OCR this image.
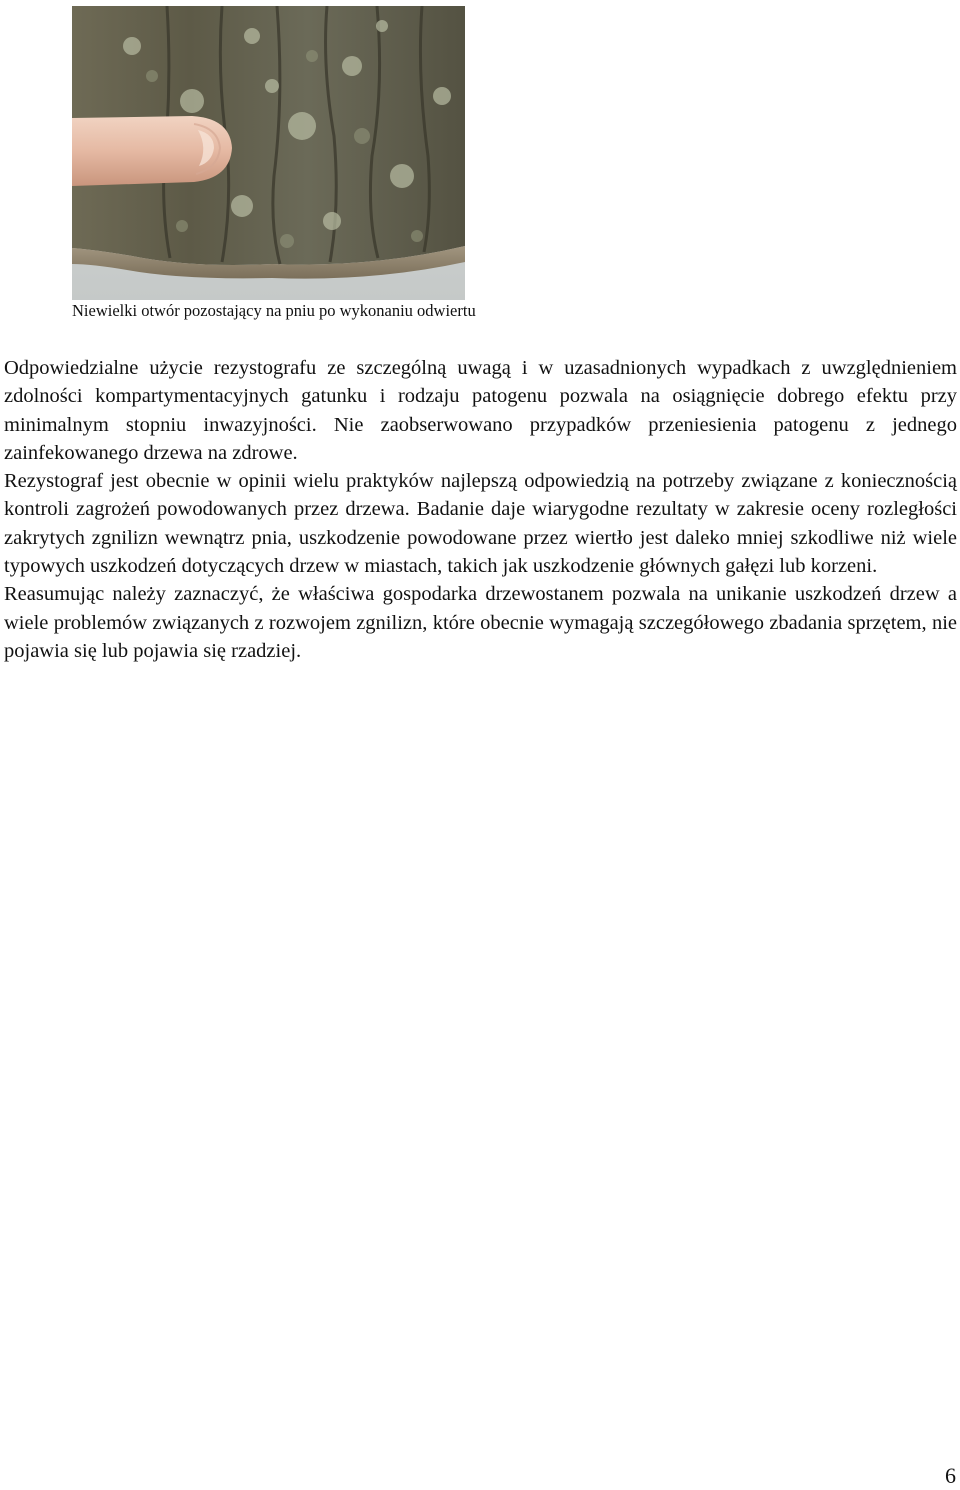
Niewielki otwór pozostający na pniu po wykonaniu odwiertu

Odpowiedzialne użycie rezystografu ze szczególną uwagą i w uzasadnionych wypadkach z uwzględnieniem zdolności kompartymentacyjnych gatunku i rodzaju patogenu pozwala na osiągnięcie dobrego efektu przy minimalnym stopniu inwazyjności. Nie zaobserwowano przypadków przeniesienia patogenu z jednego zainfekowanego drzewa na zdrowe.

Rezystograf jest obecnie w opinii wielu praktyków najlepszą odpowiedzią na potrzeby związane z koniecznością kontroli zagrożeń powodowanych przez drzewa. Badanie daje wiarygodne rezultaty w zakresie oceny rozległości zakrytych zgnilizn wewnątrz pnia, uszkodzenie powodowane przez wiertło jest daleko mniej szkodliwe niż wiele typowych uszkodzeń dotyczących drzew w miastach, takich jak uszkodzenie głównych gałęzi lub korzeni.

Reasumując należy zaznaczyć, że właściwa gospodarka drzewostanem pozwala na unikanie uszkodzeń drzew a wiele problemów związanych z rozwojem zgnilizn, które obecnie wymagają szczegółowego zbadania sprzętem, nie pojawia się lub pojawia się rzadziej.

6
